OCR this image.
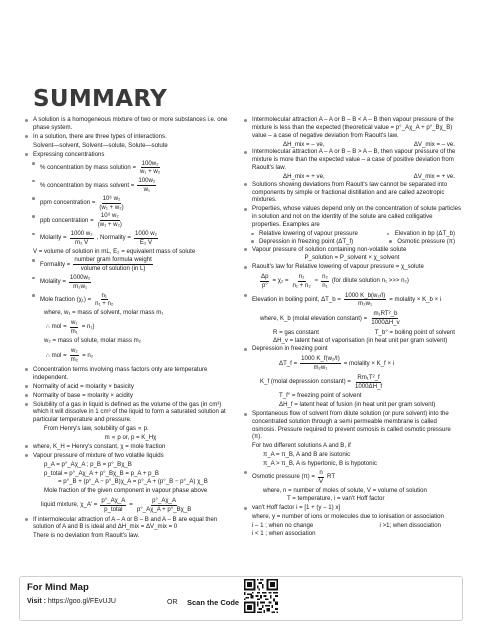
SUMMARY
A solution is a homogeneous mixture of two or more substances i.e. one phase system.
In a solution, there are three types of interactions.
Solvent—solvent, Solvent—solute, Solute—solute
Expressing concentrations
% concentration by mass solution = $\frac{\text{100w₂}}{\text{w₁ + w₂}}$
% concentration by mass solvent = $\frac{\text{100w₂}}{\text{w₁}}$
ppm concentration = $\frac{\text{10⁶ w₂}}{\text{(w₁ + w₂)}}$
ppb concentration = $\frac{\text{10⁹ w₂}}{\text{(w₁ + w₂)}}$
Molarity = $\frac{\text{1000 w₂}}{\text{m₂ V}}$ , Normality = $\frac{\text{1000 w₂}}{\text{E₂ V}}$
V = volume of solution in mL, E₂ = equivalent mass of solute
Formality = $\frac{\text{number gram formula weight}}{\text{volume of solution (in L)}}$
Molality = $\frac{\text{1000w₂}}{\text{m₂w₁}}$
Mole fraction $(\chi_1) = \frac{\text{n₁}}{\text{n₁ + n₂}}$
where, w₁ = mass of solvent, molar mass m₁
∴ mol = $\frac{\text{w₁}}{\text{m₁}} = n_1$)
w₂ = mass of solute, molar mass m₂
∴ mol = $\frac{\text{w₂}}{\text{m₂}} = n_2$
Concentration terms involving mass factors only are temperature independent.
Normality of acid = molarity × basicity
Normality of base = molarity × acidity
Solubility of a gas in liquid is defined as the volume of the gas (in cm³) which it will dissolve in 1 cm³ of the liquid to form a saturated solution at particular temperature and pressure.
From Henry's law, solubility of gas ∝ p.
m ∝ p or, p = K_Hχ
where, K_H = Henry's constant, χ = mole fraction
Vapour pressure of mixture of two volatile liquids
p_A = p°_Aχ_A ; p_B = p°_Bχ_B
p_total = p°_Aχ_A + p°_Bχ_B = p_A + p_B
= p°_B + (p°_A − p°_B)χ_A = p°_A + (p°_B − p°_A) χ_B
Mole fraction of the given component in vapour phase above
liquid mixture, χ_A' = $\frac{p^\circ\_A\chi\_A}{\text{p\_total}} = \frac{p^\circ\_A\chi\_A}{p^\circ\_A\chi\_A + p^\circ\_B\chi\_B}$
If intermolecular attraction of A – A or B – B and A – B are equal then solution of A and B is ideal and ΔH_mix = ΔV_mix = 0
There is no deviation from Raoult's law.
Intermolecular attraction A – A or B – B < A – B then vapour pressure of the mixture is less than the expected (theoretical value = p°_Aχ_A + p°_Bχ_B) value – a case of negative deviation from Raoult's law.
ΔH_mix = – ve,	ΔV_mix = – ve.
Intermolecular attraction A – A or B – B > A – B, then vapour pressure of the mixture is more than the expected value – a case of positive deviation from Raoult's law.
ΔH_mix = + ve,	ΔV_mix = + ve.
Solutions showing deviations from Raoult's law cannot be separated into components by simple or fractional distillation and are called azeotropic mixtures.
Properties, whose values depend only on the concentration of solute particles in solution and not on the identity of the solute are called colligative properties. Examples are
Relative lowering of vapour pressure	Elevation in bp (ΔT_b)
Depression in freezing point (ΔT_f)	Osmotic pressure (π)
Vapour pressure of solution containing non-volatile solute
P_solution = P_solvent × χ_solvent
Raoult's law for Relative lowering of vapour pressure = χ_solute
$\frac{\Delta p}{p^\circ} = \chi_2 = \frac{\text{n₂}}{\text{n₁ + n₂}} \approx \frac{\text{n₂}}{\text{n₁}} (for$ dilute solution n₁ >>> n₂)
Elevation in boiling point, ΔT_b = $\frac{\text{1000 K\_b(w₂/I)}}{\text{m₂w₁}}$ = molality × K_b × i
where, K_b (molal elevation constant) = $\frac{\text{m₁RT²\_b}}{1000\Delta H\_v}$
R = gas constant	T_b° = boiling point of solvent
ΔH_v = latent heat of vaporisation (in heat unit per gram solvent)
Depression in freezing point
ΔT_f = $\frac{\text{1000 K\_f(w₂/I)}}{\text{m₂w₁}}$ = molality × K_f × i
K_f (molal depression constant) = $\frac{\text{Rm₁T²\_f}}{1000\Delta H\_f}$
T_f° = freezing point of solvent
ΔH_f = latent heat of fusion (in heat unit per gram solvent)
Spontaneous flow of solvent from dilute solution (or pure solvent) into the concentrated solution through a semi permeable membrane is called osmosis. Pressure required to prevent osmosis is called osmotic pressure (π).
For two different solutions A and B, if
π_A = π_B, A and B are isotonic
π_A > π_B, A is hypertonic, B is hypotonic
Osmotic pressure $(\pi) = \frac{n}{V}$ RT
where, n = number of moles of solute, V = volume of solution
T = temperature, i = van't Hoff factor
van't Hoff factor i = [1 + (y – 1) x]
where, y = number of ions or molecules due to ionisation or association
i – 1 ; when no change	i >1; when dissociation
i < 1 ; when association
For Mind Map
Visit : https://goo.gl/FEvUJU	OR Scan the Code
